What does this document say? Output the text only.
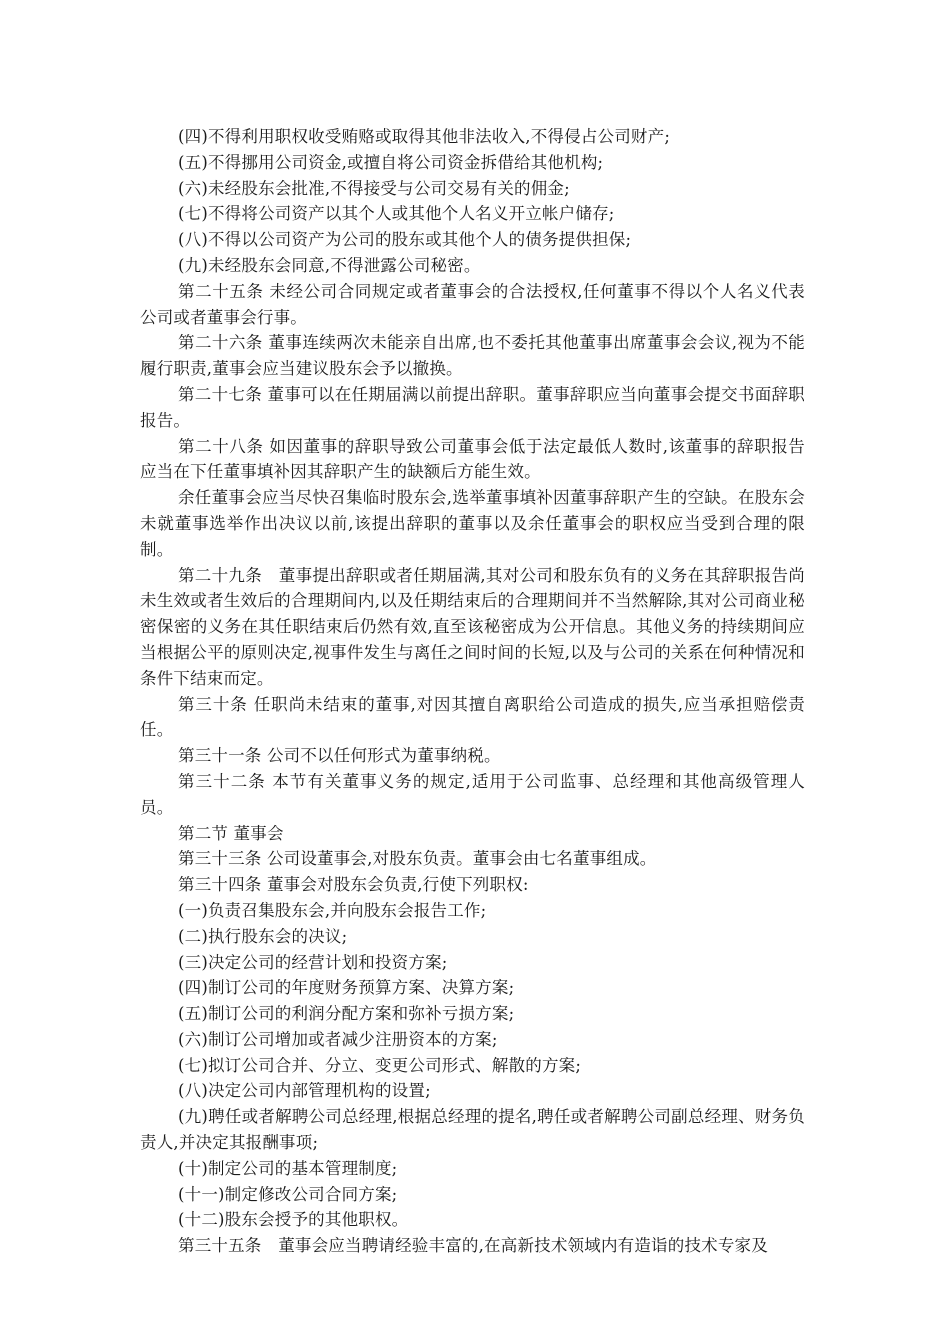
(四)不得利用职权收受贿赂或取得其他非法收入,不得侵占公司财产;

(五)不得挪用公司资金,或擅自将公司资金拆借给其他机构;

(六)未经股东会批准,不得接受与公司交易有关的佣金;

(七)不得将公司资产以其个人或其他个人名义开立帐户储存;

(八)不得以公司资产为公司的股东或其他个人的债务提供担保;

(九)未经股东会同意,不得泄露公司秘密。

第二十五条 未经公司合同规定或者董事会的合法授权,任何董事不得以个人名义代表公司或者董事会行事。

第二十六条 董事连续两次未能亲自出席,也不委托其他董事出席董事会会议,视为不能履行职责,董事会应当建议股东会予以撤换。

第二十七条 董事可以在任期届满以前提出辞职。董事辞职应当向董事会提交书面辞职报告。

第二十八条 如因董事的辞职导致公司董事会低于法定最低人数时,该董事的辞职报告应当在下任董事填补因其辞职产生的缺额后方能生效。

余任董事会应当尽快召集临时股东会,选举董事填补因董事辞职产生的空缺。在股东会未就董事选举作出决议以前,该提出辞职的董事以及余任董事会的职权应当受到合理的限制。

第二十九条　董事提出辞职或者任期届满,其对公司和股东负有的义务在其辞职报告尚未生效或者生效后的合理期间内,以及任期结束后的合理期间并不当然解除,其对公司商业秘密保密的义务在其任职结束后仍然有效,直至该秘密成为公开信息。其他义务的持续期间应当根据公平的原则决定,视事件发生与离任之间时间的长短,以及与公司的关系在何种情况和条件下结束而定。

第三十条 任职尚未结束的董事,对因其擅自离职给公司造成的损失,应当承担赔偿责任。

第三十一条 公司不以任何形式为董事纳税。

第三十二条 本节有关董事义务的规定,适用于公司监事、总经理和其他高级管理人员。

第二节 董事会

第三十三条 公司设董事会,对股东负责。董事会由七名董事组成。

第三十四条 董事会对股东会负责,行使下列职权:

(一)负责召集股东会,并向股东会报告工作;

(二)执行股东会的决议;

(三)决定公司的经营计划和投资方案;

(四)制订公司的年度财务预算方案、决算方案;

(五)制订公司的利润分配方案和弥补亏损方案;

(六)制订公司增加或者减少注册资本的方案;

(七)拟订公司合并、分立、变更公司形式、解散的方案;

(八)决定公司内部管理机构的设置;

(九)聘任或者解聘公司总经理,根据总经理的提名,聘任或者解聘公司副总经理、财务负责人,并决定其报酬事项;

(十)制定公司的基本管理制度;

(十一)制定修改公司合同方案;

(十二)股东会授予的其他职权。

第三十五条　董事会应当聘请经验丰富的,在高新技术领域内有造诣的技术专家及
